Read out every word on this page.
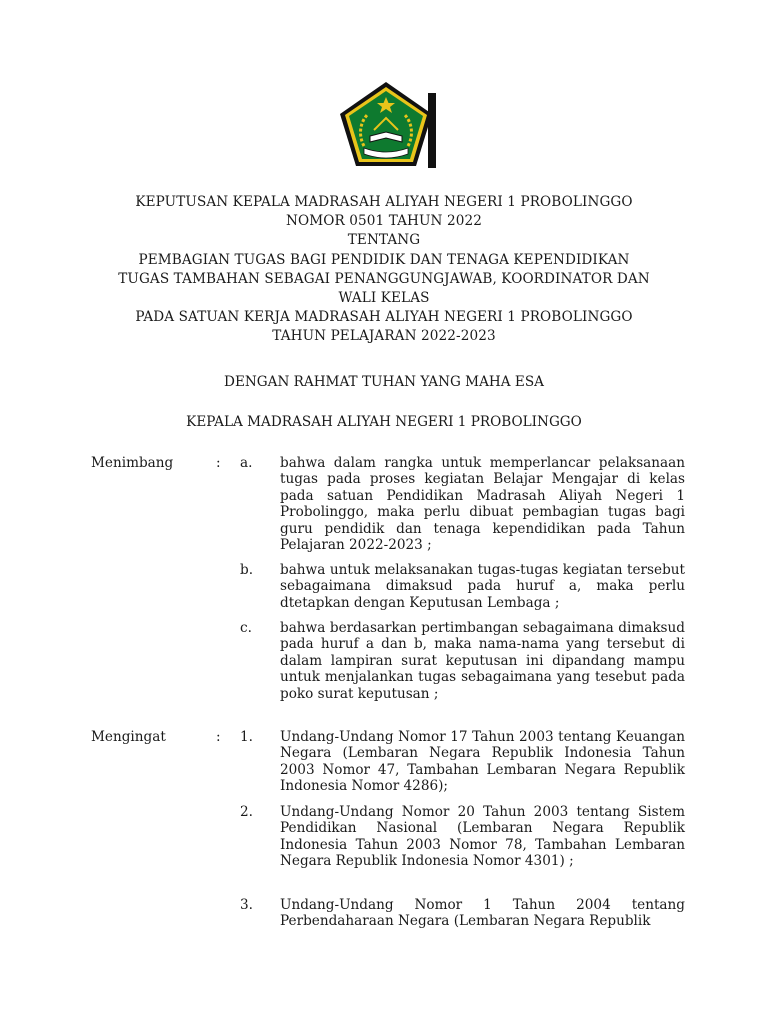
KEPUTUSAN KEPALA MADRASAH ALIYAH NEGERI 1 PROBOLINGGO
NOMOR 0501 TAHUN 2022
TENTANG
PEMBAGIAN TUGAS BAGI PENDIDIK DAN TENAGA KEPENDIDIKAN
TUGAS TAMBAHAN SEBAGAI PENANGGUNGJAWAB, KOORDINATOR DAN
WALI KELAS
PADA SATUAN KERJA MADRASAH ALIYAH NEGERI 1 PROBOLINGGO
TAHUN PELAJARAN 2022-2023
DENGAN RAHMAT TUHAN YANG MAHA ESA
KEPALA MADRASAH ALIYAH NEGERI 1 PROBOLINGGO
Menimbang	: a. bahwa dalam rangka untuk memperlancar pelaksanaan tugas pada proses kegiatan Belajar Mengajar di kelas pada satuan Pendidikan Madrasah Aliyah Negeri 1 Probolinggo, maka perlu dibuat pembagian tugas bagi guru pendidik dan tenaga kependidikan pada Tahun Pelajaran 2022-2023 ;
b. bahwa untuk melaksanakan tugas-tugas kegiatan tersebut sebagaimana dimaksud pada huruf a, maka perlu dtetapkan dengan Keputusan Lembaga ;
c. bahwa berdasarkan pertimbangan sebagaimana dimaksud pada huruf a dan b, maka nama-nama yang tersebut di dalam lampiran surat keputusan ini dipandang mampu untuk menjalankan tugas sebagaimana yang tesebut pada poko surat keputusan ;
Mengingat	: 1. Undang-Undang Nomor 17 Tahun 2003 tentang Keuangan Negara (Lembaran Negara Republik Indonesia Tahun 2003 Nomor 47, Tambahan Lembaran Negara Republik Indonesia Nomor 4286);
2. Undang-Undang Nomor 20 Tahun 2003 tentang Sistem Pendidikan Nasional (Lembaran Negara Republik Indonesia Tahun 2003 Nomor 78, Tambahan Lembaran Negara Republik Indonesia Nomor 4301) ;
3. Undang-Undang Nomor 1 Tahun 2004 tentang Perbendaharaan Negara (Lembaran Negara Republik
